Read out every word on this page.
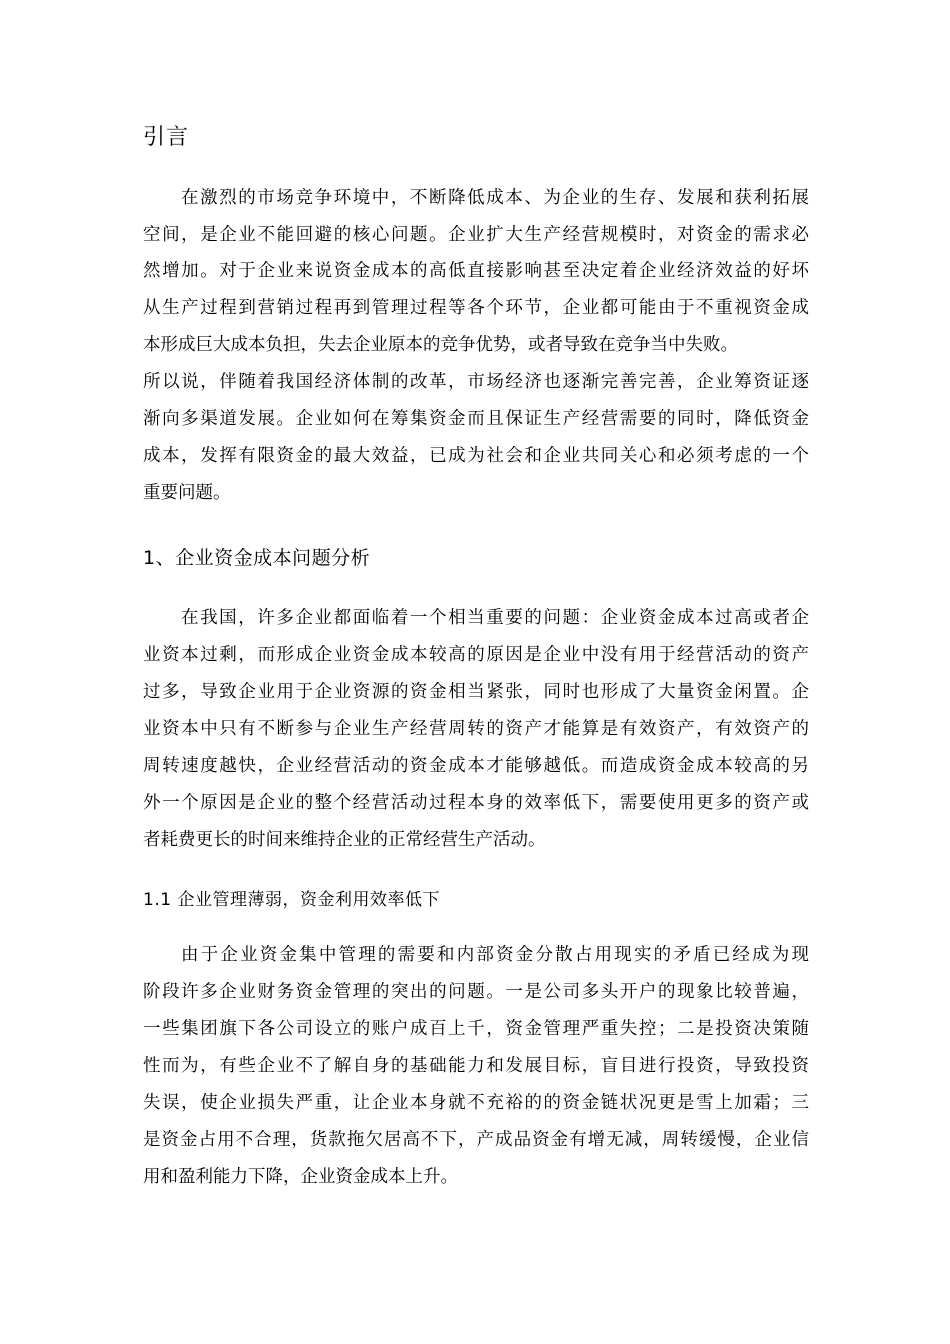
引言
在激烈的市场竞争环境中，不断降低成本、为企业的生存、发展和获利拓展
空间，是企业不能回避的核心问题。企业扩大生产经营规模时，对资金的需求必
然增加。对于企业来说资金成本的高低直接影响甚至决定着企业经济效益的好坏
从生产过程到营销过程再到管理过程等各个环节，企业都可能由于不重视资金成
本形成巨大成本负担，失去企业原本的竞争优势，或者导致在竞争当中失败。
所以说，伴随着我国经济体制的改革，市场经济也逐渐完善完善，企业筹资证逐
渐向多渠道发展。企业如何在筹集资金而且保证生产经营需要的同时，降低资金
成本，发挥有限资金的最大效益，已成为社会和企业共同关心和必须考虑的一个
重要问题。
1、企业资金成本问题分析
在我国，许多企业都面临着一个相当重要的问题：企业资金成本过高或者企
业资本过剩，而形成企业资金成本较高的原因是企业中没有用于经营活动的资产
过多，导致企业用于企业资源的资金相当紧张，同时也形成了大量资金闲置。企
业资本中只有不断参与企业生产经营周转的资产才能算是有效资产，有效资产的
周转速度越快，企业经营活动的资金成本才能够越低。而造成资金成本较高的另
外一个原因是企业的整个经营活动过程本身的效率低下，需要使用更多的资产或
者耗费更长的时间来维持企业的正常经营生产活动。
1.1 企业管理薄弱，资金利用效率低下
由于企业资金集中管理的需要和内部资金分散占用现实的矛盾已经成为现
阶段许多企业财务资金管理的突出的问题。一是公司多头开户的现象比较普遍，
一些集团旗下各公司设立的账户成百上千，资金管理严重失控；二是投资决策随
性而为，有些企业不了解自身的基础能力和发展目标，盲目进行投资，导致投资
失误，使企业损失严重，让企业本身就不充裕的的资金链状况更是雪上加霜；三
是资金占用不合理，货款拖欠居高不下，产成品资金有增无减，周转缓慢，企业信
用和盈利能力下降，企业资金成本上升。
